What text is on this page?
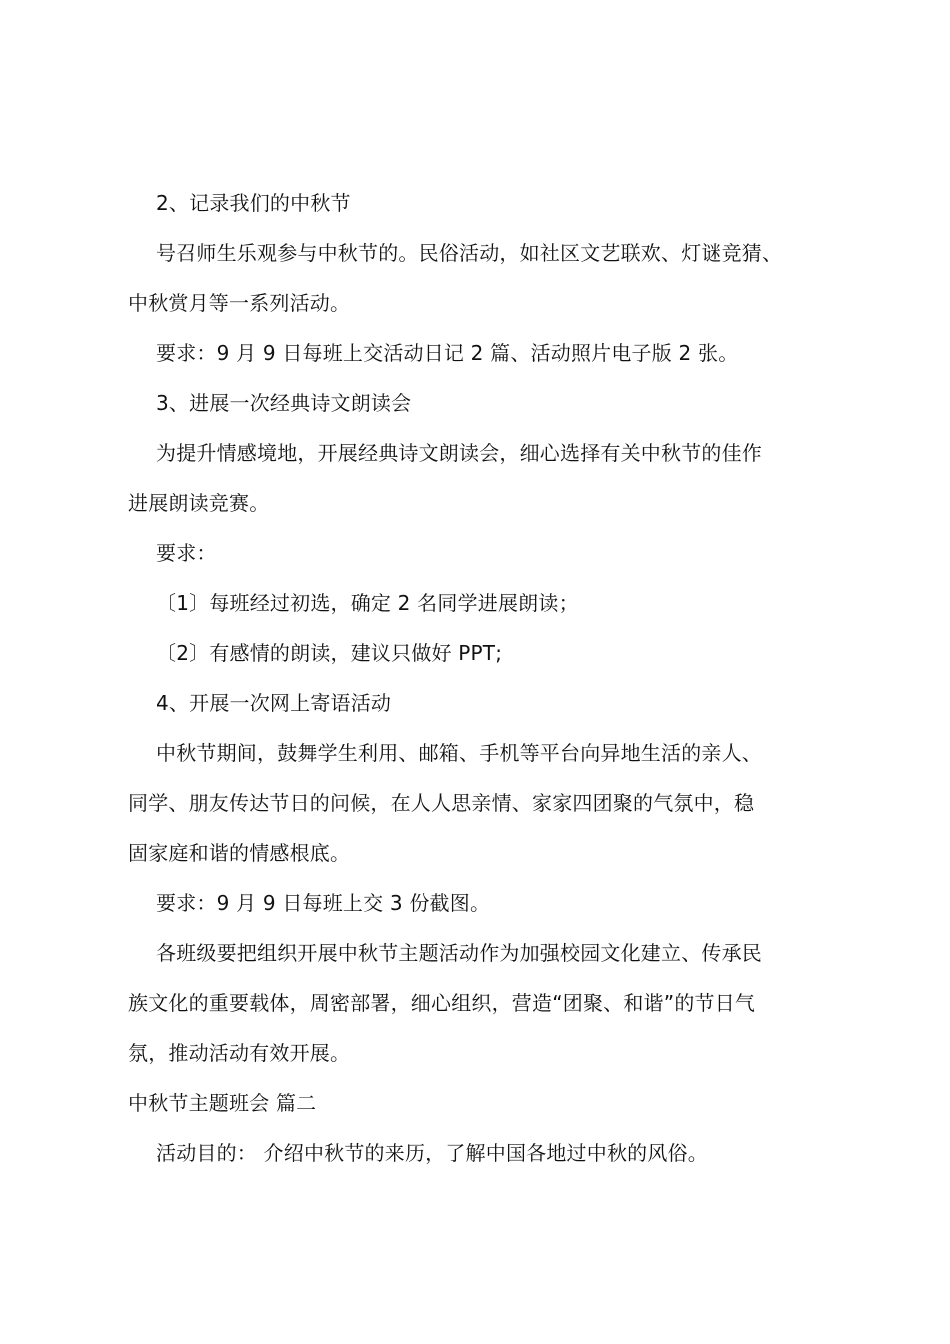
2、记录我们的中秋节
号召师生乐观参与中秋节的。民俗活动，如社区文艺联欢、灯谜竞猜、
中秋赏月等一系列活动。
要求：9 月 9 日每班上交活动日记 2 篇、活动照片电子版 2 张。
3、进展一次经典诗文朗读会
为提升情感境地，开展经典诗文朗读会，细心选择有关中秋节的佳作
进展朗读竞赛。
要求：
〔1〕每班经过初选，确定 2 名同学进展朗读；
〔2〕有感情的朗读，建议只做好 PPT;
4、开展一次网上寄语活动
中秋节期间，鼓舞学生利用、邮箱、手机等平台向异地生活的亲人、
同学、朋友传达节日的问候，在人人思亲情、家家四团聚的气氛中，稳
固家庭和谐的情感根底。
要求：9 月 9 日每班上交 3 份截图。
各班级要把组织开展中秋节主题活动作为加强校园文化建立、传承民
族文化的重要载体，周密部署，细心组织，营造“团聚、和谐”的节日气
氛，推动活动有效开展。
中秋节主题班会 篇二
活动目的： 介绍中秋节的来历，了解中国各地过中秋的风俗。
